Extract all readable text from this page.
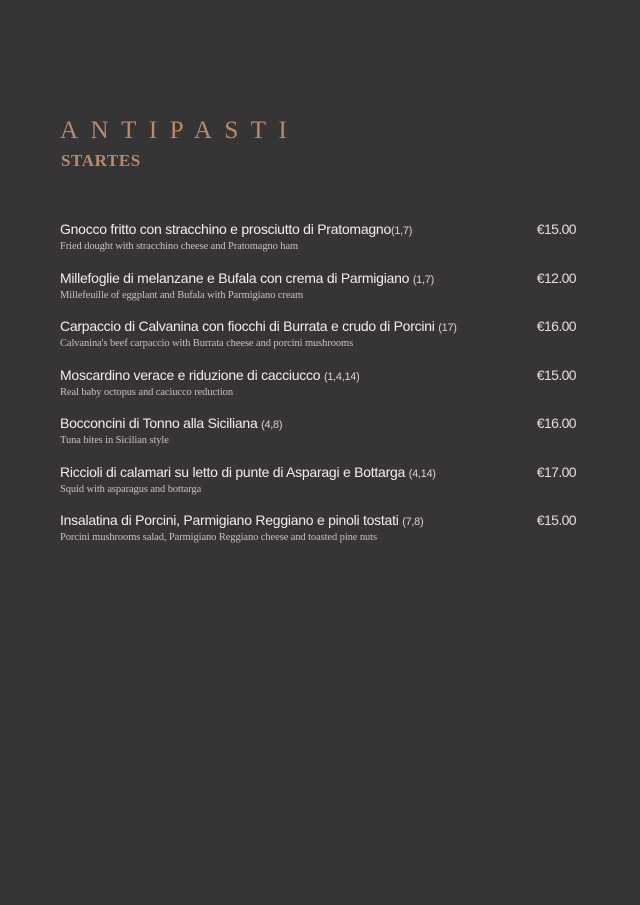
ANTIPASTI
STARTES
Gnocco fritto con stracchino e prosciutto di Pratomagno(1,7)	€15.00
Fried dought with stracchino cheese and Pratomagno ham
Millefoglie di melanzane e Bufala con crema di Parmigiano (1,7)	€12.00
Millefeuille of eggplant and Bufala with Parmigiano cream
Carpaccio di Calvanina con fiocchi di Burrata e crudo di Porcini (17)	€16.00
Calvanina's beef carpaccio with Burrata cheese and porcini mushrooms
Moscardino verace e riduzione di cacciucco (1,4,14)	€15.00
Real baby octopus and caciucco reduction
Bocconcini di Tonno alla Siciliana (4,8)	€16.00
Tuna bites in Sicilian style
Riccioli di calamari su letto di punte di Asparagi e Bottarga (4,14)	€17.00
Squid with asparagus and bottarga
Insalatina di Porcini, Parmigiano Reggiano e pinoli tostati (7,8)	€15.00
Porcini mushrooms salad, Parmigiano Reggiano cheese and toasted pine nuts
